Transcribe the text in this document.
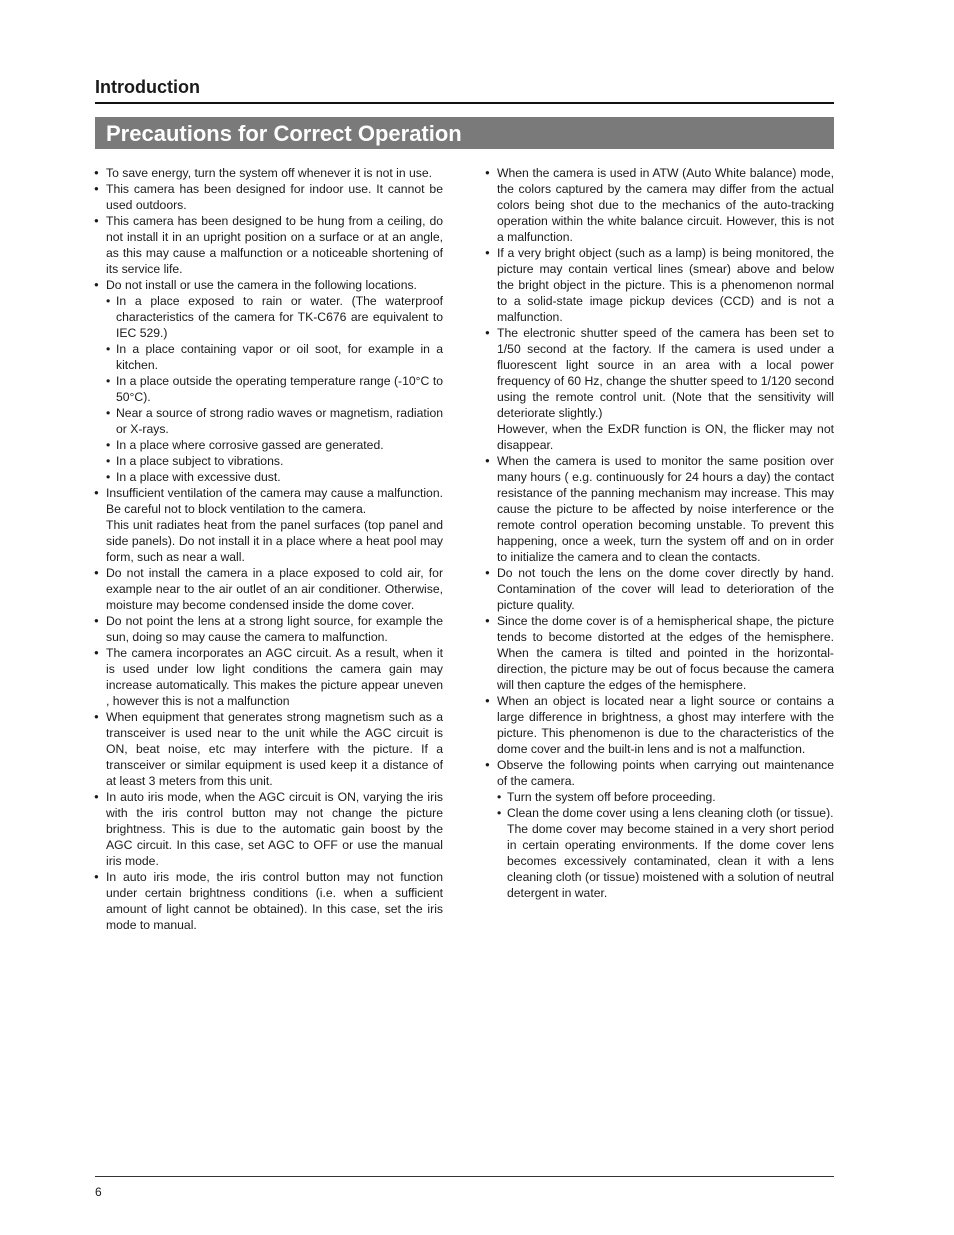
Introduction
Precautions for Correct Operation
● To save energy, turn the system off whenever it is not in use.
● This camera has been designed for indoor use. It cannot be used outdoors.
● This camera has been designed to be hung from a ceiling, do not install it in an upright position on a surface or at an angle, as this may cause a malfunction or a noticeable shortening of its service life.
● Do not install or use the camera in the following locations.
• In a place exposed to rain or water. (The waterproof characteristics of the camera for TK-C676 are equivalent to IEC 529.)
• In a place containing vapor or oil soot, for example in a kitchen.
• In a place outside the operating temperature range (-10°C to 50°C).
• Near a source of strong radio waves or magnetism, radiation or X-rays.
• In a place where corrosive gassed are generated.
• In a place subject to vibrations.
• In a place with excessive dust.
● Insufficient ventilation of the camera may cause a malfunction. Be careful not to block ventilation to the camera.
This unit radiates heat from the panel surfaces (top panel and side panels). Do not install it in a place where a heat pool may form, such as near a wall.
● Do not install the camera in a place exposed to cold air, for example near to the air outlet of an air conditioner. Otherwise, moisture may become condensed inside the dome cover.
● Do not point the lens at a strong light source, for example the sun, doing so may cause the camera to malfunction.
● The camera incorporates an AGC circuit. As a result, when it is used under low light conditions the camera gain may increase automatically. This makes the picture appear uneven , however this is not a malfunction
● When equipment that generates strong magnetism such as a transceiver is used near to the unit while the AGC circuit is ON, beat noise, etc may interfere with the picture. If a transceiver or similar equipment is used keep it a distance of at least 3 meters from this unit.
● In auto iris mode, when the AGC circuit is ON, varying the iris with the iris control button may not change the picture brightness. This is due to the automatic gain boost by the AGC circuit. In this case, set AGC to OFF or use the manual iris mode.
● In auto iris mode, the iris control button may not function under certain brightness conditions (i.e. when a sufficient amount of light cannot be obtained). In this case, set the iris mode to manual.
● When the camera is used in ATW (Auto White balance) mode, the colors captured by the camera may differ from the actual colors being shot due to the mechanics of the auto-tracking operation within the white balance circuit. However, this is not a malfunction.
● If a very bright object (such as a lamp) is being monitored, the picture may contain vertical lines (smear) above and below the bright object in the picture. This is a phenomenon normal to a solid-state image pickup devices (CCD) and is not a malfunction.
● The electronic shutter speed of the camera has been set to 1/50 second at the factory. If the camera is used under a fluorescent light source in an area with a local power frequency of 60 Hz, change the shutter speed to 1/120 second using the remote control unit. (Note that the sensitivity will deteriorate slightly.)
However, when the ExDR function is ON, the flicker may not disappear.
● When the camera is used to monitor the same position over many hours ( e.g. continuously for 24 hours a day) the contact resistance of the panning mechanism may increase. This may cause the picture to be affected by noise interference or the remote control operation becoming unstable. To prevent this happening, once a week, turn the system off and on in order to initialize the camera and to clean the contacts.
● Do not touch the lens on the dome cover directly by hand. Contamination of the cover will lead to deterioration of the picture quality.
● Since the dome cover is of a hemispherical shape, the picture tends to become distorted at the edges of the hemisphere. When the camera is tilted and pointed in the horizontal-direction, the picture may be out of focus because the camera will then capture the edges of the hemisphere.
● When an object is located near a light source or contains a large difference in brightness, a ghost may interfere with the picture. This phenomenon is due to the characteristics of the dome cover and the built-in lens and is not a malfunction.
● Observe the following points when carrying out maintenance of the camera.
• Turn the system off before proceeding.
• Clean the dome cover using a lens cleaning cloth (or tissue).
The dome cover may become stained in a very short period in certain operating environments. If the dome cover lens becomes excessively contaminated, clean it with a lens cleaning cloth (or tissue) moistened with a solution of neutral detergent in water.
6
